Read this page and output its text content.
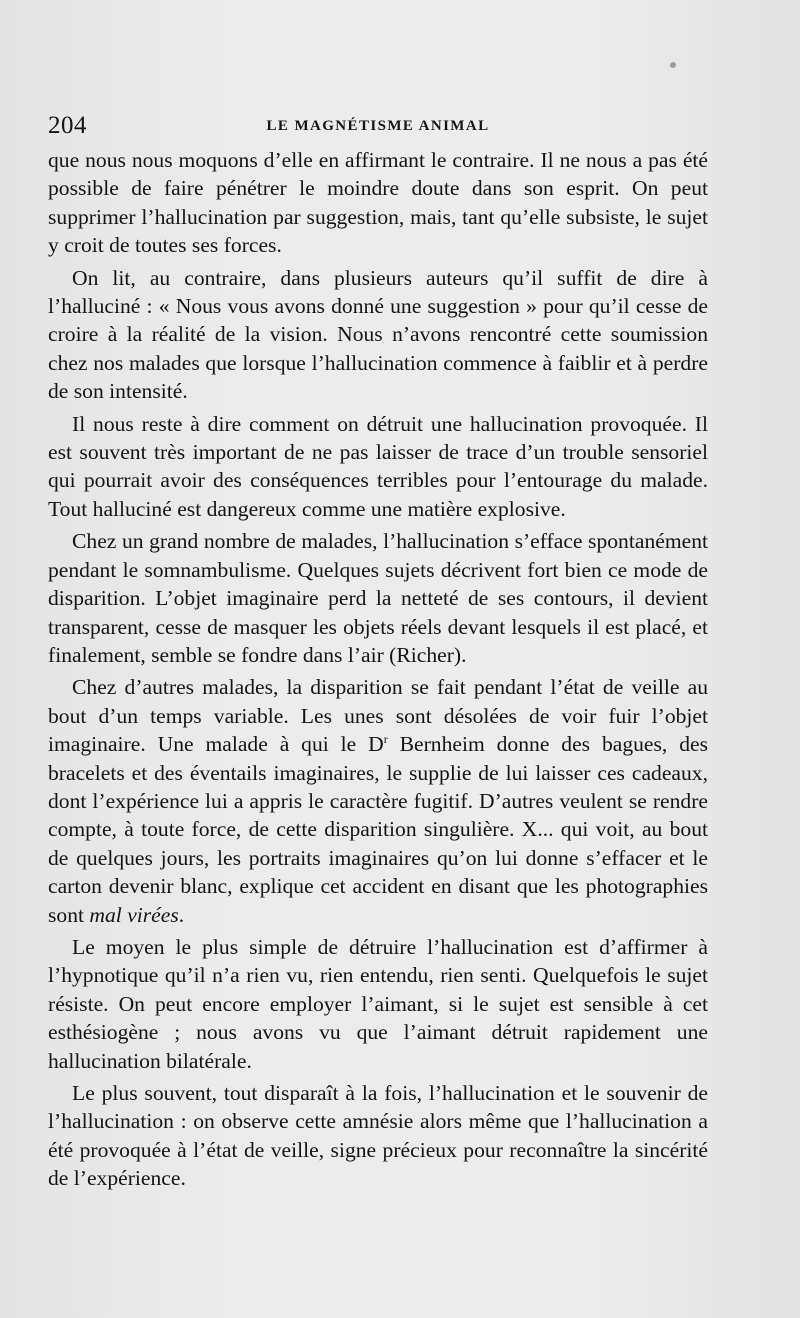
204	LE MAGNÉTISME ANIMAL

que nous nous moquons d’elle en affirmant le contraire. Il ne nous a pas été possible de faire pénétrer le moindre doute dans son esprit. On peut supprimer l’hallucination par suggestion, mais, tant qu’elle subsiste, le sujet y croit de toutes ses forces.

On lit, au contraire, dans plusieurs auteurs qu’il suffit de dire à l’halluciné : « Nous vous avons donné une suggestion » pour qu’il cesse de croire à la réalité de la vision. Nous n’avons rencontré cette soumission chez nos malades que lorsque l’hallucination commence à faiblir et à perdre de son intensité.

Il nous reste à dire comment on détruit une hallucination provoquée. Il est souvent très important de ne pas laisser de trace d’un trouble sensoriel qui pourrait avoir des conséquences terribles pour l’entourage du malade. Tout halluciné est dangereux comme une matière explosive.

Chez un grand nombre de malades, l’hallucination s’efface spontanément pendant le somnambulisme. Quelques sujets décrivent fort bien ce mode de disparition. L’objet imaginaire perd la netteté de ses contours, il devient transparent, cesse de masquer les objets réels devant lesquels il est placé, et finalement, semble se fondre dans l’air (Richer).

Chez d’autres malades, la disparition se fait pendant l’état de veille au bout d’un temps variable. Les unes sont désolées de voir fuir l’objet imaginaire. Une malade à qui le $D^r$ Bernheim donne des bagues, des bracelets et des éventails imaginaires, le supplie de lui laisser ces cadeaux, dont l’expérience lui a appris le caractère fugitif. D’autres veulent se rendre compte, à toute force, de cette disparition singulière. X... qui voit, au bout de quelques jours, les portraits imaginaires qu’on lui donne s’effacer et le carton devenir blanc, explique cet accident en disant que les photographies sont mal virées.

Le moyen le plus simple de détruire l’hallucination est d’affirmer à l’hypnotique qu’il n’a rien vu, rien entendu, rien senti. Quelquefois le sujet résiste. On peut encore employer l’aimant, si le sujet est sensible à cet esthésiogène ; nous avons vu que l’aimant détruit rapidement une hallucination bilatérale.

Le plus souvent, tout disparaît à la fois, l’hallucination et le souvenir de l’hallucination : on observe cette amnésie alors même que l’hallucination a été provoquée à l’état de veille, signe précieux pour reconnaître la sincérité de l’expérience.
